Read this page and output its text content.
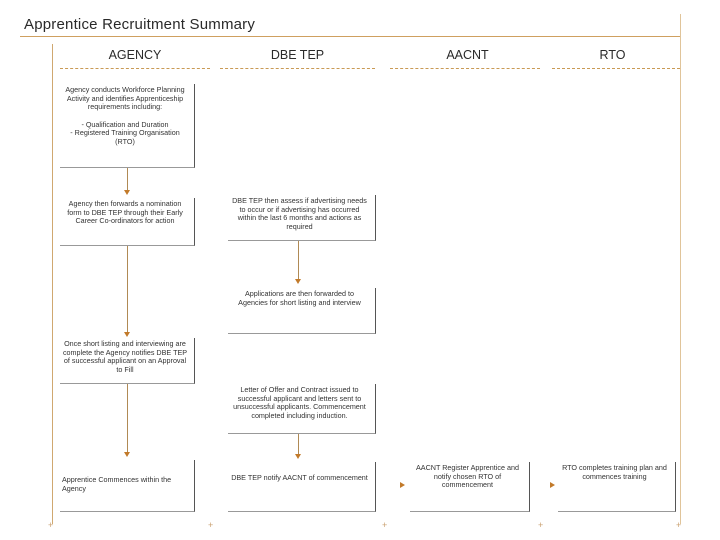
Apprentice Recruitment Summary
AGENCY	DBE TEP	AACNT	RTO

Agency conducts Workforce Planning Activity and identifies Apprenticeship requirements including:

- Qualification and Duration

- Registered Training Organisation (RTO)

Agency then forwards a nomination form to DBE TEP through their Early Career Co-ordinators for action

Once short listing and interviewing are complete the Agency notifies DBE TEP of successful applicant on an Approval to Fill

Apprentice Commences within the Agency

DBE TEP then assess if advertising needs to occur or if advertising has occurred within the last 6 months and actions as required

Applications are then forwarded to Agencies for short listing and interview

Letter of Offer and Contract issued to successful applicant and letters sent to unsuccessful applicants. Commencement completed including induction.

DBE TEP notify AACNT of commencement

AACNT Register Apprentice and notify chosen RTO of commencement

RTO completes training plan and commences training

+	+	+	+	+
